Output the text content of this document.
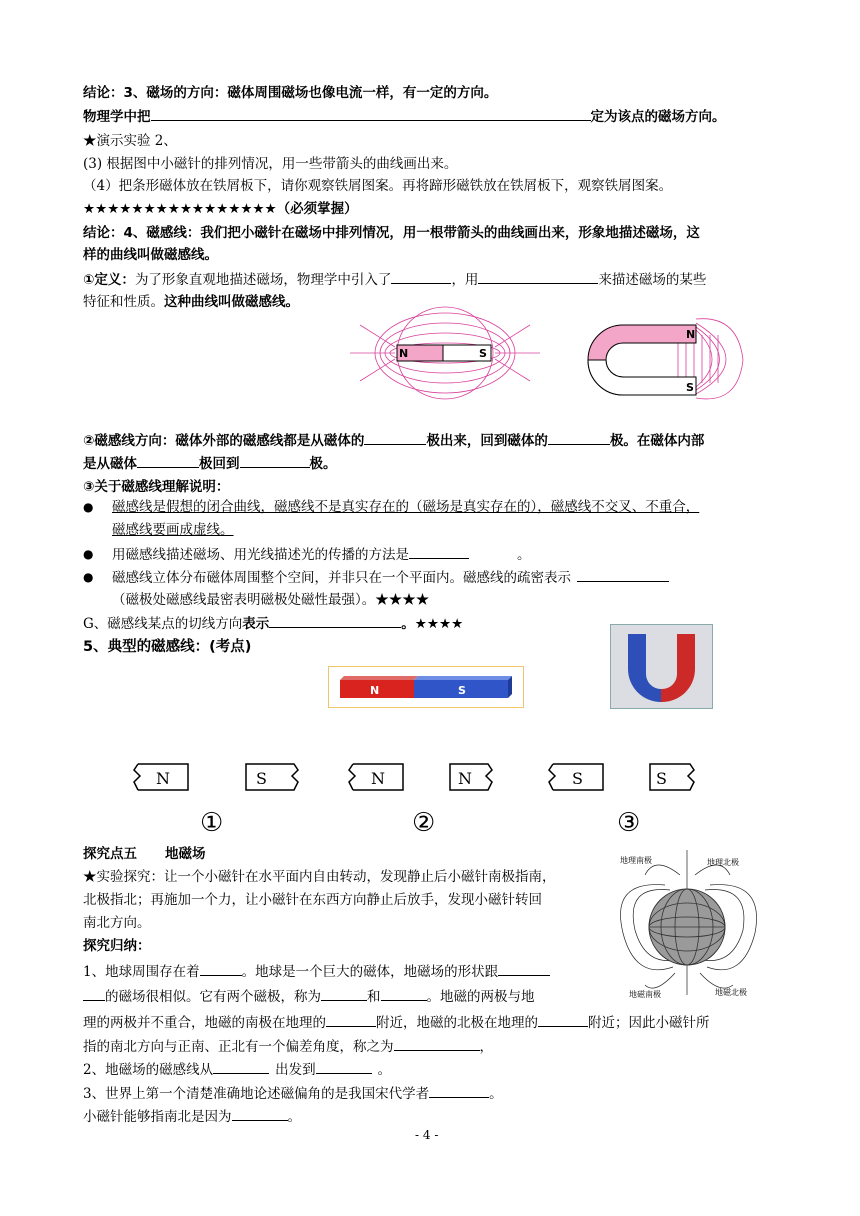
结论：3、磁场的方向：磁体周围磁场也像电流一样，有一定的方向。
物理学中把	定为该点的磁场方向。
★演示实验 2、
(3) 根据图中小磁针的排列情况，用一些带箭头的曲线画出来。
（4）把条形磁体放在铁屑板下，请你观察铁屑图案。再将蹄形磁铁放在铁屑板下，观察铁屑图案。
★★★★★★★★★★★★★★★★（必须掌握）
结论：4、磁感线：我们把小磁针在磁场中排列情况，用一根带箭头的曲线画出来，形象地描述磁场，这
样的曲线叫做磁感线。
①定义：为了形象直观地描述磁场，物理学中引入了	，用	来描述磁场的某些
特征和性质。这种曲线叫做磁感线。
N	S
N
S
②磁感线方向：磁体外部的磁感线都是从磁体的	极出来，回到磁体的	极。在磁体内部
是从磁体	极回到	极。
③关于磁感线理解说明：
● 磁感线是假想的闭合曲线，磁感线不是真实存在的（磁场是真实存在的），磁感线不交叉、不重合，
磁感线要画成虚线。
● 用磁感线描述磁场、用光线描述光的传播的方法是	。
● 磁感线立体分布磁体周围整个空间，并非只在一个平面内。磁感线的疏密表示
（磁极处磁感线最密表明磁极处磁性最强）。★★★★
G、磁感线某点的切线方向表示	。★★★★
5、典型的磁感线：(考点)
N	S
N	S	N	N	S	S
①	②	③
探究点五 地磁场
★实验探究：让一个小磁针在水平面内自由转动，发现静止后小磁针南极指南，
北极指北；再施加一个力，让小磁针在东西方向静止后放手，发现小磁针转回
南北方向。
探究归纳：
1、地球周围存在着	。地球是一个巨大的磁体，地磁场的形状跟
的磁场很相似。它有两个磁极，称为	和	。地磁的两极与地
理的两极并不重合，地磁的南极在地理的	附近，地磁的北极在地理的	附近；因此小磁针所
指的南北方向与正南、正北有一个偏差角度，称之为	，
2、地磁场的磁感线从	出发到	。
3、世界上第一个清楚准确地论述磁偏角的是我国宋代学者	。
小磁针能够指南北是因为	。
地理南极	地理北极
地磁南极	地磁北极
- 4 -
